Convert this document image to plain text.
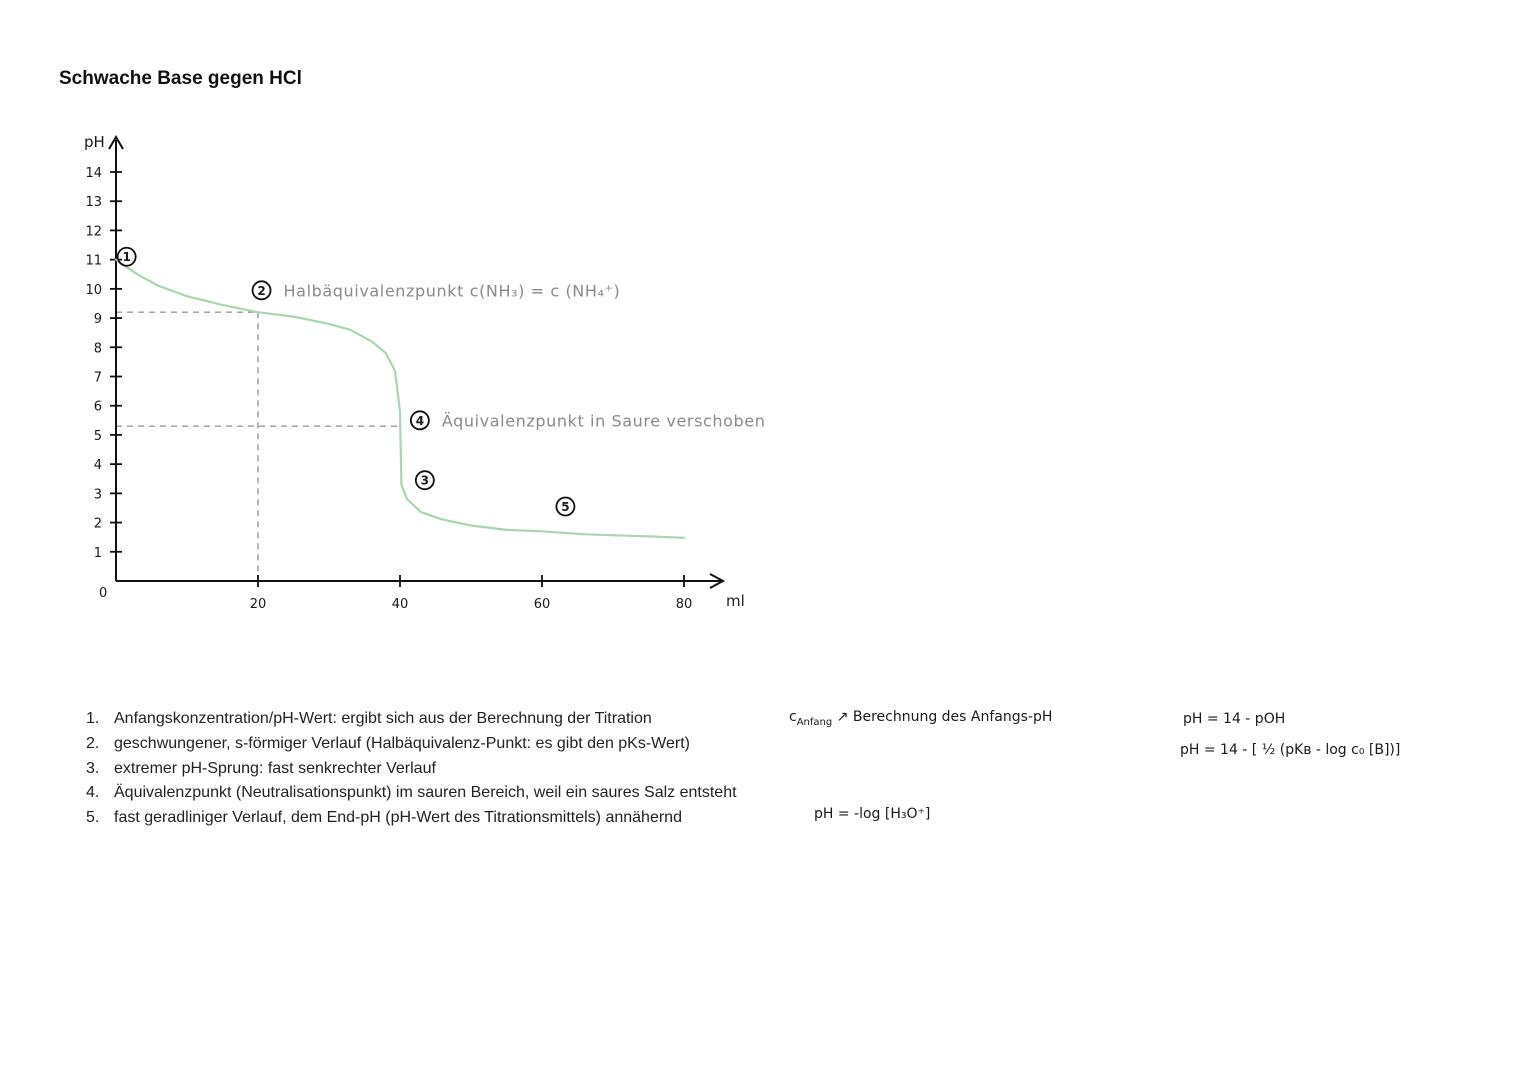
Schwache Base gegen HCl
pH
ml
0
1
2
3
4
5
6
7
8
9
10
11
12
13
14
20	40	60	80
1
2 Halbäquivalenzpunkt c(NH₃) = c (NH₄⁺)
3
4 Äquivalenzpunkt in Saure verschoben
5
1. Anfangskonzentration/pH-Wert: ergibt sich aus der Berechnung der Titration
2. geschwungener, s-förmiger Verlauf (Halbäquivalenz-Punkt: es gibt den pKs-Wert)
3. extremer pH-Sprung: fast senkrechter Verlauf
4. Äquivalenzpunkt (Neutralisationspunkt) im sauren Bereich, weil ein saures Salz entsteht
5. fast geradliniger Verlauf, dem End-pH (pH-Wert des Titrationsmittels) annähernd
$c_{Anfang}$ ↗ Berechnung des Anfangs-pH	pH = 14 - pOH
pH = 14 - [ ½ (pKʙ - log c₀ [B])]
pH = -log [H₃O⁺]
